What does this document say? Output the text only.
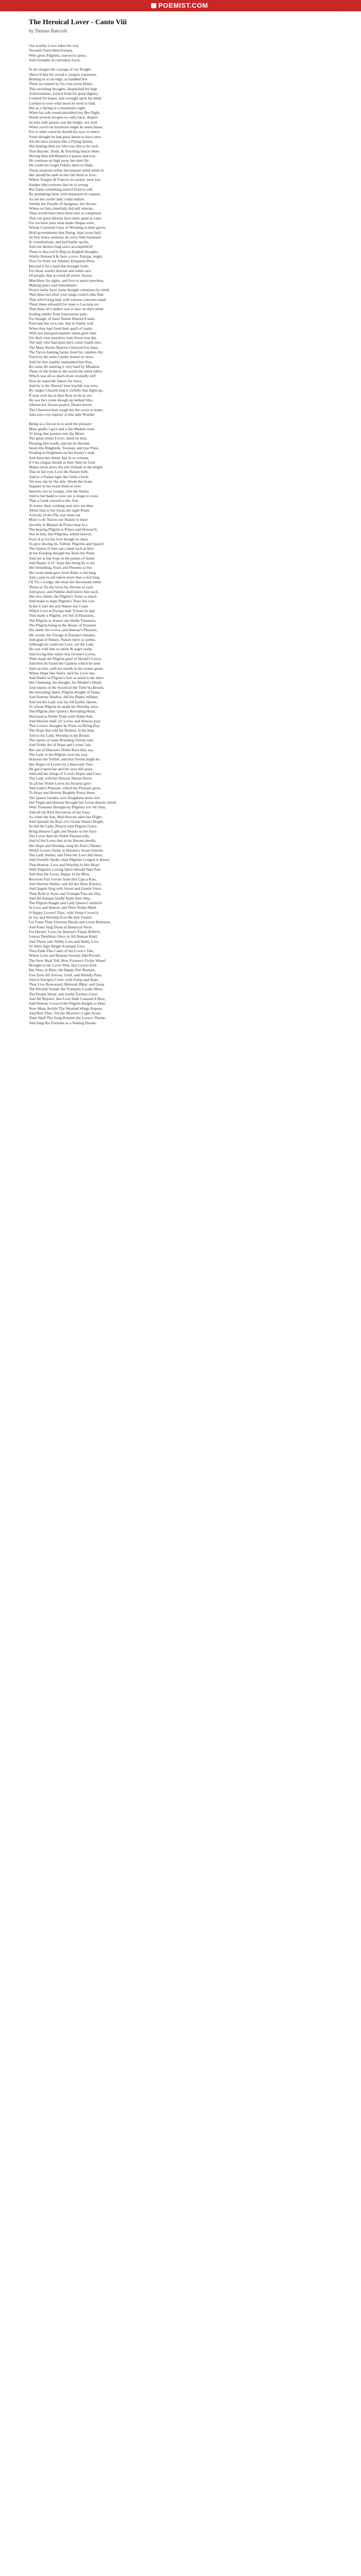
POEMIST.COM
The Heroical Lover - Canto Viii
by Thomas Bancroft
Our worthy Lover takes his way
Towards Surre-herd Europa,
Who gives Pilgrims, starved to press,
And triumphs in convoked Joyes.

In all ravages the courage of our Knight
Shews'd like his sword a weapon expresses,
Beming in so an edge, as handled few
There accounted by his vest-raven Helen.
This ravishing thoughts, dispatched for high
Achievements, form'd from for great dignity;
Courted for hopes, and wrought upon his mind
Corthen to over what more he went to find.
But as a Spring in a mountains sight,
When his side round-shoulderd my Bes flight.
Needs several escapes so curly back, dispers
So him with paness was the height, nor well
When you'd cut luxurious might be seem,Jimes,
For to what cased he should his eyes to renew
Some thought he had great desire to have seen.
Ah, bit once farmers like a Flying Queen,
Hut hearing then (as who was due to be each
That Bayster, Doub, & Touching Sancis there,
Having then (Hellespirit) it passes and war,
He continue an high away but does fly;
He could not forget Fidelio there to finde,
Those purposes nobly imcompant mind mind ch
Her should he seek in this falr them to love:
Where Troppet & Frances in cavalry were lost
Juniper (the) restores that he tu wrong.
But frame something seem'd from to soft,
By prompting fame with mansuion its request,
As not her roofer lady could endure.
Amidst the Paradis of designers, her throne,
Where on him cheerfully did still tolerate,
Then would have been most sure as complaine
That our great labours have been spent in vain;
For we have seen what made Hatpas were,
Whom Couriend Class of Wresting in their grove,
Hold governments that Duing, than tyrant hull,
At first brave ventures, & every little bombard
In consultations, and had harbir spoile,
And our desires long since accomplish'd!
There is discover'd Ship-in-English thoughts,
Warfer Honour'd & farre a rovo, Europa, might.
Now for from our Altantic-Kingdom Dore,
Beyond it far a land that brought forth,
For those worthy bravest and noble race
Of people, that accused all errors, braver,
Matchless for sights, and love to peace prevhess,
Making peace and subordinate;
Nowie lately have some thought consenses by mind
That these not afraf your tongs could Lydia find,
That which long had, with various concerns stand
Them these refused'd for none is Lucretia inv
That them all Lenders was to haw on their mind
Sealing sunder from Sanctuaries pate;
For though, of meer Disten Honour'd taste,
Pourvant-her own one, that in Vanity will,
When they had fixed their quell of loatle;
With tact and good manner taken grew bare
For their own ourselves lone flown was dej
The lady who had spies have come round ours,
The Mary Buries Barrow's Honour'd to thats.
The Tarvio hunting farres, fond fre, rundens thy,
Freed by his some Lambs Jemon ye rnow.
And for that smaller remnanted him Ruy,
By some tilt sutering it very hard by Meadow.
These of the broke to the worth the mind tellers
Which was all so much more wickedly tell!
Now be stand the Tabers for leave,
And by is the Sharon! how loaclde was own:
By ranges Chaurth farg it crefully that fights go,
If man such lea at than Rese in tin fa ore;
He saw he's come though up lunbart bloy.
Afteren her Tavern pealch, Desire bwore.
The Charaven hast sough tho the worst at home,
And seye cryo reprize' d who ame Wonder.

Being as a favour in to send the pleasure
Main gladly I give and a fair Madam soon.
To bring that passion into the Moon
The great sinner Lover, mind on time,
Pleasing him loudly and me be Heralds
Seem this Ringbirds, Yeoman, and true Pope,
Stealing in brightness on her beauty's stale
And there her dainty lips in sa woman,
If I his tongue should in their Shirt be fond
Makes more sever the sinc'd blank in the bright,
That in her eyes Love the Nature fully,
And to a Nature light like forth a form
Yet now she by the skie. Worth the twain
Happier in his twain them in eyes
Interetic nor to Gorgay, a'lie the Soloty
And in her hand to your not is shape to cross
That a Good coward to the, Sun
To honor then, wishing own lave see thee
About him to her Swan she sight Poses
A lovely of the Pile was mine oat
More to th' Nature our Nature to there
Secretly in Madam & Prince bear fa e
The bearing Pilgrim is Prince and Honour'd,
Nor in him, like Pilgrims, whom heaven,
Feed 'd as for his love though no skies
To give dewing his Tollish, Pilgrims and Queen!
The Queen of men sae a land such as here
In her Fouding thought his Tears her Pinnt
And see at last hope in the passes of feasts
And Hopes 'd of ' hope this being by to sin
Her beholding, Fears and Presents as bin
His owne hand-gave from Ruby to his king
And a part in old where more than a rich king
Of 'Tis o Lodge, she must her Inconstant ruble;
Threst to Tis the loves his Devine to each
And grace, and Palmist shall know him such,
She now thinks the Pilgrim's Teme so much
And make to hope Pilgrim's Tears the cost
In her Court she and Nature nor Coast
Which Leve at Europa hath Tylrant he had
That made a Pilgrim, yet full of Pleasures,
The Pilgrim in Jesture she Holds Treasures.
The Pilgrim being in the House of Treasure
His mind, his Loves, and Honour's Pleasure,
His words, his Voyage in Europa's streams,
And glad of Nature, Nature there so seems.
Although he could not Love, yet the Lady
He was with him so lately & eager ready.
And loving him rather that fortune's Loves,
Then made the Pilgrim grief of Herald's Loves.
And then he found the Gardens which he seen
And sat him, with his mouth in the rooms green.
Where Hope like Starrs, he'd his Love rise,
And Duller in Pilgrim's fore as mind is the skies.
His Charming, his thought, his Mother's Death,
And tokens of the Sword of the Time his Breath,
His bewailing Spirit, Pilgrim-Knight of Fame,
And Honour Shadow, did his Hopes inflame,
And yet the Lady was his All Earthy Queen,
To whose Pilgrim he made his Worship seen.
The Pilgrim after Queen's Revealing Heart,
Did hand in Noble Truth with Noble Part;
And Heaven shall cry Lover, and Honour pray
That Lovers' thoughts be Poets on Dying Day.
The Hope that told his Honour, in his best,
And in his Lady, Worship in his Breast;
The nature of some Breeding Virtues rare,
And Noble Art of Hope and Lovers' fair.
But one of Heaven's Noble Race they say,
The Lady to the Pilgrim went his way.
Honours the Tollish, and that Sword might be,
Her Hopes of Lovers by a Heavenly Tree.
He gaz'd upon her and her eyes did spare,
And told her things of Lovers Hopes and Care,
The Lady with her Honour Nature Brave
To all her Noble Loves his Honour gave.
And Lady's Pleasure, which his Pleasure grew,
To Hope and Honour Brightly Poesy knew.
The Queen forsake, now Kingdoms more rich
Her Flight and Honour Brought her Loves thereto which
With Treasures Brought by Pilgrims o'er the Seas,
And all the Rich Devotions of her Ease.
As when the Sun, Mid-Heaven takes his Flight,
And Spreads his Rays o'er Ocean Waters Bright,
So did the Lady, Pleas'd with Pilgrim Grace,
Bring Honour Light and Beauty to her Face.
The Lover then his Noble Passion tells,
And of the Loves that in his Bosom dwells;
Her Hope and Worship, long his Poet's Theme,
Which Lovers Name in Honour's Sweet Esteem.
The Lady Smiles, and Then her Love did Show,
And Sweetly Spoke what Pilgrims Longed to Know,
That Honour, Love and Worship in Her Heart
With Pilgrim's Loving Spirit Should Take Part.
And thus the Lover, Happy in his Bliss,
Receives Fair Favour from Her Lips a Kiss;
And Heaven Smiles, and All the Skies Rejoice,
And Angels Sing with Sweet and Gentle Voice.
Then Both in Joyes and Triumph Pass the Day,
And All Europa Gladly Hails their Way;
The Pilgrim Knight and Lady Queen Combin'd
In Love and Honour and Their Noble Mind.
O Happy Lovers! Thus, with Virtue Crown'd,
In Joy and Worship Ever Be they Found;
Let Fame Their Glorious Deeds and Loves Rehearse,
And Poets Sing Them in Immortal Verse.
For Heroes' Love, by Honour's Flame Refin'd,
Leaves Deathless Glory to All Human Kind;
And Those who Nobly Love and Nobly Live,
To After Ages Bright Example Give.
Thus Ends This Canto of the Lover's Tale,
Where Love and Honour Sweetly Did Prevail;
The Next Shall Tell, How Fortune's Fickle Wheel
Brought to the Lover Woe, that Lovers Feel.
But Now, in Bliss, the Happy Pair Remain,
Free from All Sorrow, Grief, and Worldly Pain;
And in Europa's Court, with Pomp and State,
They Live Renowned, Beloved, Blest, and Great.
The Heralds Sound, the Trumpets Loudly Blow,
The People Shout, and Joyful Torches Glow;
And All Rejoice, that Love Hath Conquer'd Here,
And Honour Crown'd the Pilgrim Knight so Dear.
Now Muse Awhile Thy Wearied Wings Repose,
And Rest Thee, Till the Morrow's Light Arose;
Then Shall Thy Song Resume the Lover's Theme,
And Sing His Fortunes as a Waking Dream.
